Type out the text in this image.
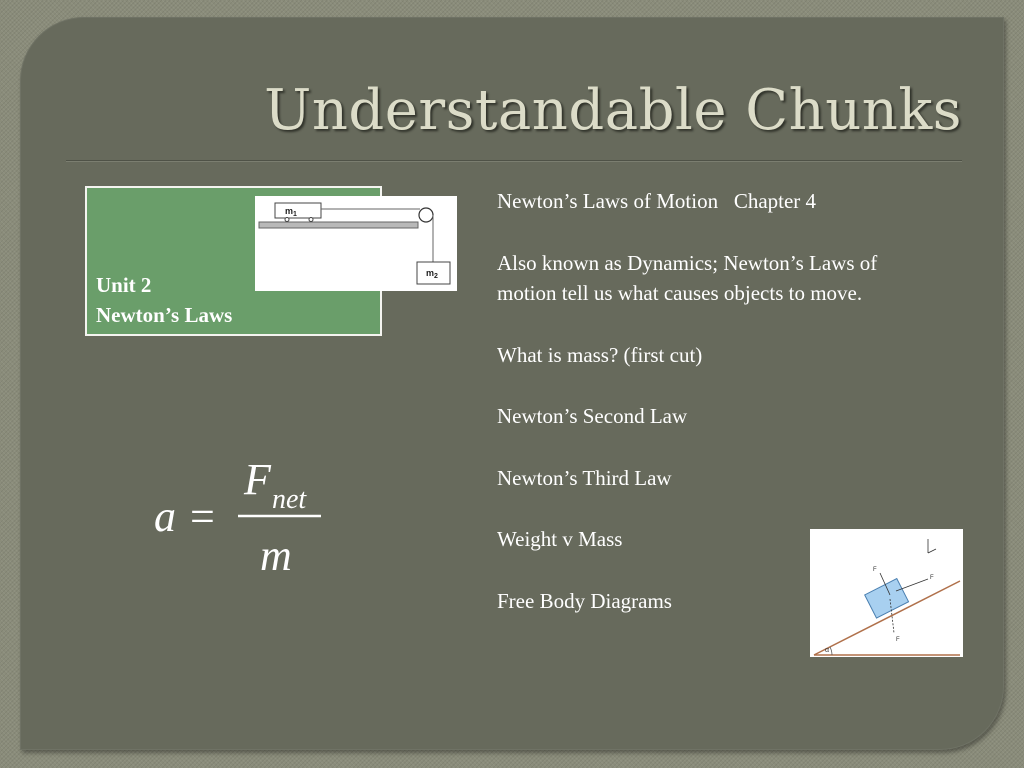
Understandable Chunks
Unit 2
Newton’s Laws
$m_1$
$m_2$
a =
F net
m

Newton’s Laws of Motion   Chapter 4

Also known as Dynamics; Newton’s Laws of motion tell us what causes objects to move.

What is mass? (first cut)

Newton’s Second Law

Newton’s Third Law

Weight v Mass

Free Body Diagrams

α
F
F
F
